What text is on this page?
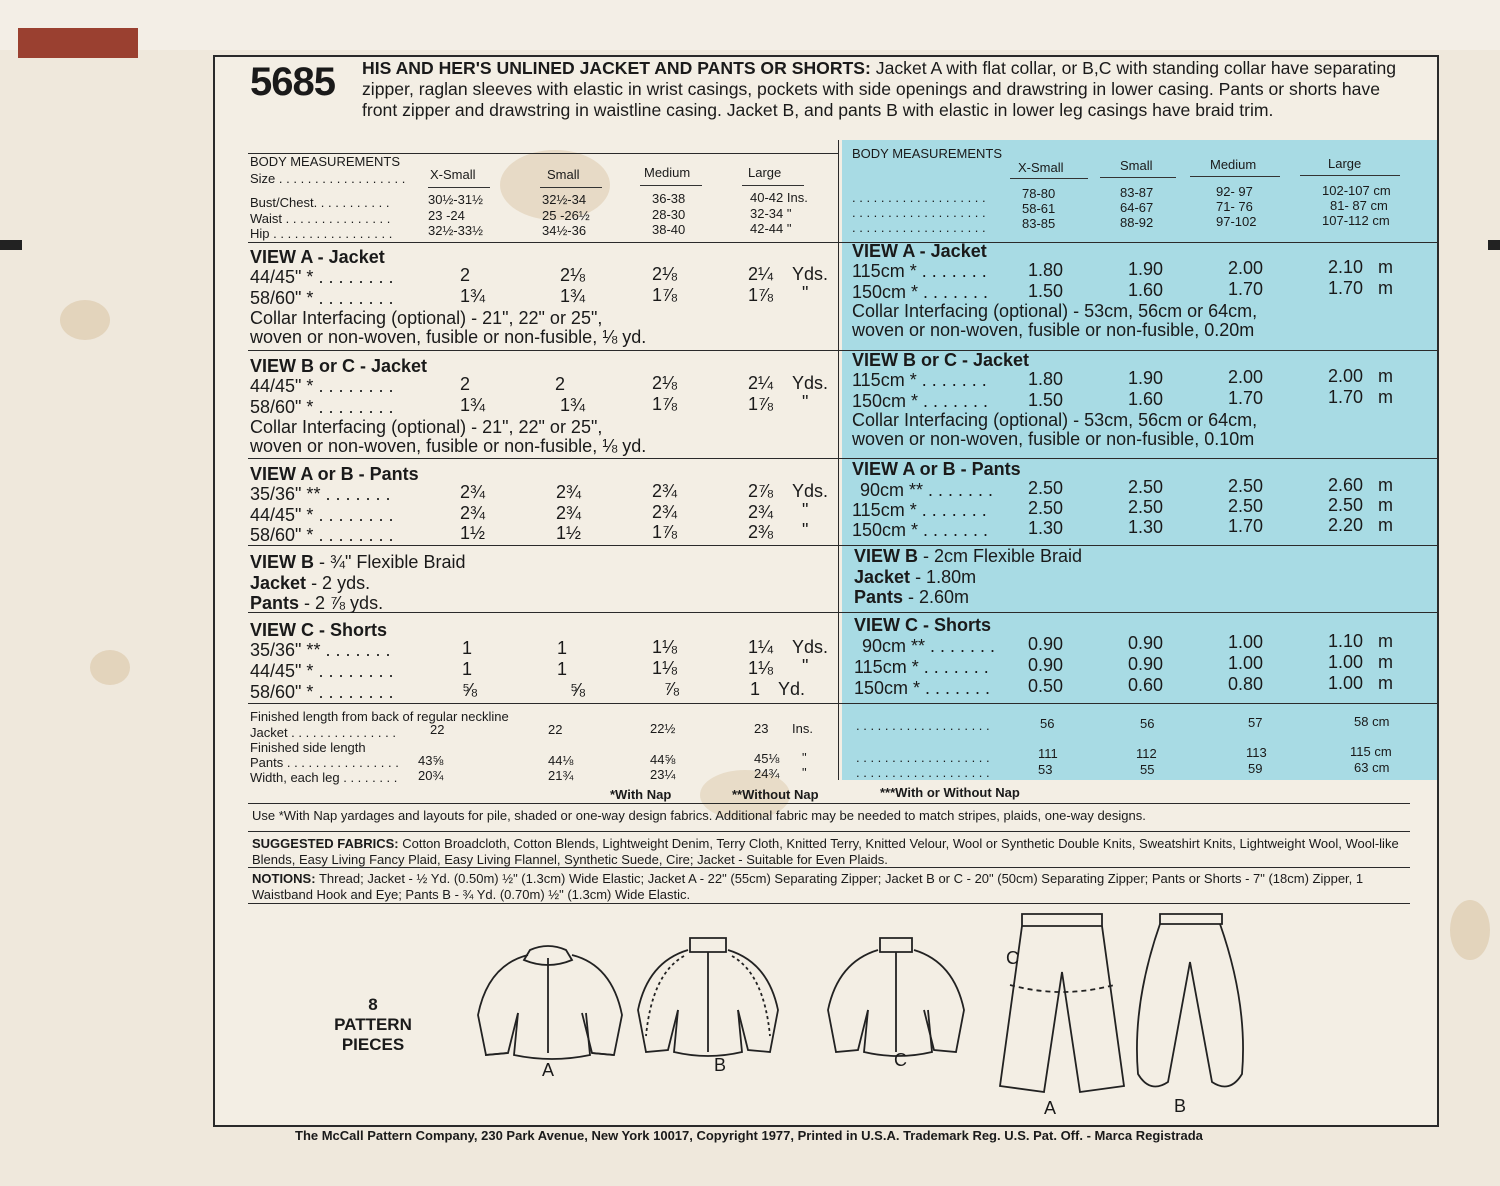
5685 HIS AND HER'S UNLINED JACKET AND PANTS OR SHORTS: Jacket A with flat collar, or B,C with standing collar have separating zipper, raglan sleeves with elastic in wrist casings, pockets with side openings and drawstring in lower casing. Pants or shorts have front zipper and drawstring in waistline casing. Jacket B, and pants B with elastic in lower leg casings have braid trim.
BODY MEASUREMENTS
Size . . . . . . . . . . . . . . . . . . X-Small	Small	Medium	Large
Bust/Chest. . . . . . . . . . .	30½-31½	32½-34	36-38	40-42 Ins.
Waist . . . . . . . . . . . . . . .	23 -24	25 -26½	28-30	32-34 "
Hip . . . . . . . . . . . . . . . . .	32½-33½	34½-36	38-40	42-44 "
VIEW A - Jacket
44/45" * . . . . . . . .	2	2⅛	2⅛	2¼ Yds.
58/60" * . . . . . . . .	1¾	1¾	1⅞	1⅞ "
Collar Interfacing (optional) - 21", 22" or 25",
woven or non-woven, fusible or non-fusible, ⅛ yd.
VIEW B or C - Jacket
44/45" * . . . . . . . .	2	2	2⅛	2¼ Yds.
58/60" * . . . . . . . .	1¾	1¾	1⅞	1⅞ "
Collar Interfacing (optional) - 21", 22" or 25",
woven or non-woven, fusible or non-fusible, ⅛ yd.
VIEW A or B - Pants
35/36" ** . . . . . . .	2¾	2¾	2¾	2⅞ Yds.
44/45" * . . . . . . . .	2¾	2¾	2¾	2¾ "
58/60" * . . . . . . . .	1½	1½	1⅞	2⅜ "
VIEW B - ¾" Flexible Braid
Jacket - 2 yds.
Pants - 2 ⅞ yds.
VIEW C - Shorts
35/36" ** . . . . . . .	1	1	1⅛	1¼ Yds.
44/45" * . . . . . . . .	1	1	1⅛	1⅛ "
58/60" * . . . . . . . .	⅝	⅝	⅞	1 Yd.
Finished length from back of regular neckline
Jacket . . . . . . . . . . . . . . .	22	22	22½	23 Ins.
Finished side length
Pants . . . . . . . . . . . . . . . . 43⅝	44⅛	44⅝	45⅛ "
Width, each leg . . . . . . . . 20¾	21¾	23¼	24¾ "
BODY MEASUREMENTS
X-Small	Small	Medium	Large
. . . . . . . . . . . . . . . . . . .
. . . . . . . . . . . . . . . . . . .
. . . . . . . . . . . . . . . . . . .
78-80	83-87	92- 97	102-107 cm
58-61	64-67	71- 76	81- 87 cm
83-85	88-92	97-102	107-112 cm
VIEW A - Jacket
115cm * . . . . . . . 1.80	1.90	2.00	2.10 m
150cm * . . . . . . . 1.50	1.60	1.70	1.70 m
Collar Interfacing (optional) - 53cm, 56cm or 64cm,
woven or non-woven, fusible or non-fusible, 0.20m
VIEW B or C - Jacket
115cm * . . . . . . . 1.80	1.90	2.00	2.00 m
150cm * . . . . . . . 1.50	1.60	1.70	1.70 m
Collar Interfacing (optional) - 53cm, 56cm or 64cm,
woven or non-woven, fusible or non-fusible, 0.10m
VIEW A or B - Pants
90cm ** . . . . . . . 2.50	2.50	2.50	2.60 m
115cm * . . . . . . . 2.50	2.50	2.50	2.50 m
150cm * . . . . . . . 1.30	1.30	1.70	2.20 m
VIEW B - 2cm Flexible Braid
Jacket - 1.80m
Pants - 2.60m
VIEW C - Shorts
90cm ** . . . . . . . 0.90	0.90	1.00	1.10 m
115cm * . . . . . . . 0.90	0.90	1.00	1.00 m
150cm * . . . . . . . 0.50	0.60	0.80	1.00 m
. . . . . . . . . . . . . . . . . . .	56	56	57	58 cm
. . . . . . . . . . . . . . . . . . .	111	112	113	115 cm
. . . . . . . . . . . . . . . . . . .	53	55	59	63 cm
*With Nap	**Without Nap	***With or Without Nap
Use *With Nap yardages and layouts for pile, shaded or one-way design fabrics. Additional fabric may be needed to match stripes, plaids, one-way designs.
SUGGESTED FABRICS: Cotton Broadcloth, Cotton Blends, Lightweight Denim, Terry Cloth, Knitted Terry, Knitted Velour, Wool or Synthetic Double Knits, Sweatshirt Knits, Lightweight Wool, Wool-like Blends, Easy Living Fancy Plaid, Easy Living Flannel, Synthetic Suede, Cire; Jacket - Suitable for Even Plaids.
NOTIONS: Thread; Jacket - ½ Yd. (0.50m) ½" (1.3cm) Wide Elastic; Jacket A - 22" (55cm) Separating Zipper; Jacket B or C - 20" (50cm) Separating Zipper; Pants or Shorts - 7" (18cm) Zipper, 1 Waistband Hook and Eye; Pants B - ¾ Yd. (0.70m) ½" (1.3cm) Wide Elastic.
8
PATTERN
PIECES
A	B	C
A	B
C
The McCall Pattern Company, 230 Park Avenue, New York 10017, Copyright 1977, Printed in U.S.A. Trademark Reg. U.S. Pat. Off. - Marca Registrada
